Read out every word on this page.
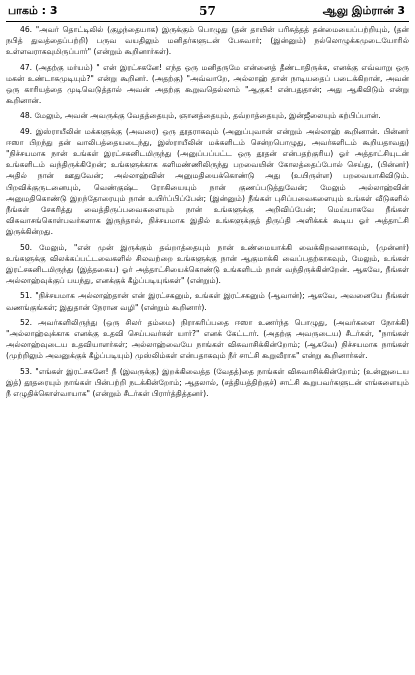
பாகம் : 3	57	ஆலு இம்ரான் 3

46. "அவர் தொட்டிலில் (குழந்தையாக) இருக்கும் பொழுது (தன் தாயின் பரிசுத்தத் தன்மையைப்பற்றியும், (தன் நபித் துவத்தைப்பற்றி) பருவ வயதிலும் மனிதர்களுடன் பேசுவார்; (இன்னும்) நல்லொழுக்கமுடையோரில் உள்ளவராகவுமிருப்பார்" (என்றும் கூறினார்கள்).

47. (அதற்கு மர்யம்) " என் இரட்சகனே! எந்த ஒரு மனிதருமே என்னைத் தீண்டாதிருக்க, எனக்கு எவ்வாறு ஒரு மகன் உண்டாகமுடியும்?" என்று கூறினர். (அதற்கு) "அவ்வாறே, அல்லாஹ் தான் நாடியதைப் படைக்கிறான், அவன் ஒரு காரியத்தை முடிவெடுத்தால் அவன் அதற்கு கூறுவதெல்லாம் "ஆகுக! என்பதுதான்; அது ஆகிவிடும் என்று கூறினான்.

48. மேலும், அவன் அவருக்கு வேதத்தையும், ஞானத்தையும், தவ்றாத்தையும், இன்ஜீலையும் கற்பிப்பான்.

49. இஸ்ராயீலின் மக்களுக்கு (அவரை) ஒரு தூதராகவும் (அனுப்புவான் என்றும் அல்லாஹ் கூறினான். பின்னர் ஈஸா பிறந்து தன் வாலிபத்தையடைந்து, இஸ்ராயீலின் மக்களிடம் சென்றபொழுது, அவர்களிடம் கூறியதாவது) "நிச்சயமாக நான் உங்கள் இரட்சகனிடமிருந்து (அனுப்பப்பட்ட ஒரு தூதன் என்பதற்குரிய) ஓர் அத்தாட்சியுடன் உங்களிடம் வந்திருக்கிறேன்; உங்களுக்காக களிமண்ணிலிருந்து பறவையின் கோலத்தைப்போல் செய்து, (பின்னர்) அதில் நான் ஊதுவேன்; அல்லாஹ்வின் அனுமதியைக்கொண்டு அது (உயிருள்ள) பறவையாகிவிடும். பிறவிக்குருடனையும், வெண்குஷ்ட ரோகியையும் நான் குணப்படுத்துவேன்; மேலும் அல்லாஹ்வின் அனுமதிகொண்டு இறந்தோரையும் நான் உயிர்ப்பிப்பேன்; (இன்னும்) நீங்கள் புசிப்பவைகளையும் உங்கள் வீடுகளில் நீங்கள் சேகரித்து வைத்திருப்பவைகளையும் நான் உங்களுக்கு அறிவிப்பேன்; மெய்யாகவே நீங்கள் விசுவாசங்கொள்பவர்களாக இருந்தால், நிச்சயமாக இதில் உங்களுக்குத் திருப்தி அளிக்கக் கூடிய ஓர் அத்தாட்சி இருக்கின்றது.

50. மேலும், "என் முன் இருக்கும் தவ்றாத்தையும் நான் உண்மையாக்கி வைக்கிறவனாகவும், (முன்னர்) உங்களுக்கு விலக்கப்பட்டவைகளில் சிலவற்றை உங்களுக்கு நான் ஆகுமாக்கி வைப்பதற்காகவும், மேலும், உங்கள் இரட்சகனிடமிருந்து (இத்தகைய) ஓர் அத்தாட்சியைக்கொண்டு உங்களிடம் நான் வந்திருக்கின்றேன். ஆகவே, நீங்கள் அல்லாஹ்வுக்குப் பயந்து, எனக்குக் கீழ்ப்படியுங்கள்" (என்றும்).

51. "நிச்சயமாக அல்லாஹ்தான் என் இரட்சகனும், உங்கள் இரட்சகனும் (ஆவான்); ஆகவே, அவனையே நீங்கள் வணங்குங்கள்; இதுதான் நேரான வழி" (என்றும் கூறினார்).

52. அவர்களிலிருந்து (ஒரு சிலர் தம்மை) நிராகரிப்பதை ஈஸா உணர்ந்த பொழுது, (அவர்களை நோக்கி) "அல்லாஹ்வுக்காக எனக்கு உதவி செய்பவர்கள் யார்?" எனக் கேட்டார். (அதற்கு அவருடைய) சீடர்கள், "நாங்கள் அல்லாஹ்வுடைய உதவியாளர்கள்; அல்லாஹ்வையே நாங்கள் விசுவாசிக்கின்றோம்; (ஆகவே) நிச்சயமாக நாங்கள் (முற்றிலும் அவனுக்குக் கீழ்ப்படியும்) முஸ்லிம்கள் என்பதாகவும் நீர் சாட்சி கூறுவீராக" என்று கூறினார்கள்.

53. "எங்கள் இரட்சகனே! நீ (இவருக்கு) இறக்கிவைத்த (வேதத்)தை நாங்கள் விசுவாசிக்கின்றோம்; (உன்னுடைய இத்) தூதரையும் நாங்கள் பின்பற்றி நடக்கின்றோம்; ஆதலால், (சத்தியத்திற்குச்) சாட்சி கூறுபவர்களுடன் எங்களையும் நீ எழுதிக்கொள்வாயாக" (என்றும் சீடர்கள் பிரார்த்தித்தனர்).
